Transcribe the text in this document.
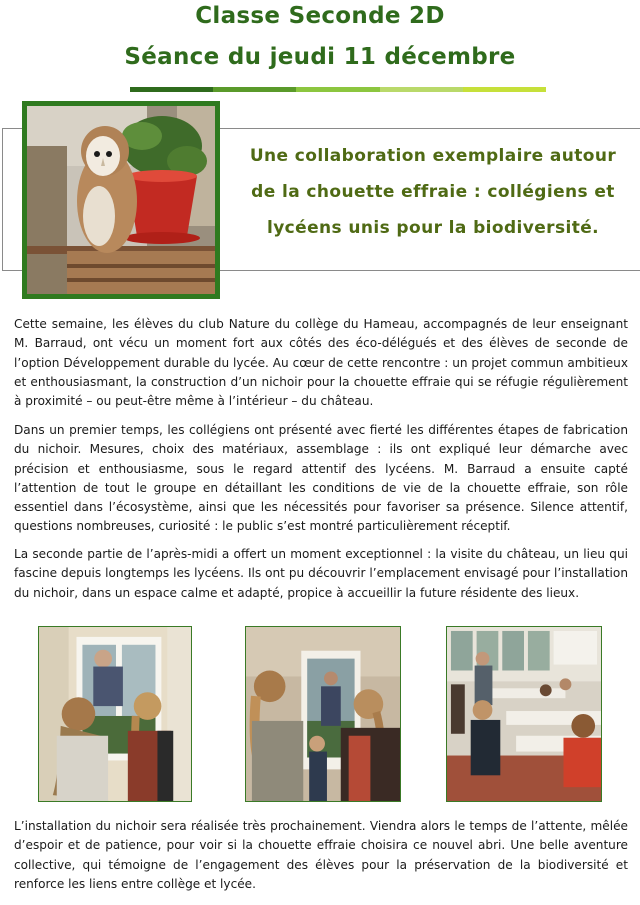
Classe Seconde 2D
Séance du jeudi 11 décembre
Une collaboration exemplaire autour de la chouette effraie : collégiens et lycéens unis pour la biodiversité.
Cette semaine, les élèves du club Nature du collège du Hameau, accompagnés de leur enseignant M. Barraud, ont vécu un moment fort aux côtés des éco-délégués et des élèves de seconde de l’option Développement durable du lycée. Au cœur de cette rencontre : un projet commun ambitieux et enthousiasmant, la construction d’un nichoir pour la chouette effraie qui se réfugie régulièrement à proximité – ou peut-être même à l’intérieur – du château.
Dans un premier temps, les collégiens ont présenté avec fierté les différentes étapes de fabrication du nichoir. Mesures, choix des matériaux, assemblage : ils ont expliqué leur démarche avec précision et enthousiasme, sous le regard attentif des lycéens. M. Barraud a ensuite capté l’attention de tout le groupe en détaillant les conditions de vie de la chouette effraie, son rôle essentiel dans l’écosystème, ainsi que les nécessités pour favoriser sa présence. Silence attentif, questions nombreuses, curiosité : le public s’est montré particulièrement réceptif.
La seconde partie de l’après-midi a offert un moment exceptionnel : la visite du château, un lieu qui fascine depuis longtemps les lycéens. Ils ont pu découvrir l’emplacement envisagé pour l’installation du nichoir, dans un espace calme et adapté, propice à accueillir la future résidente des lieux.
L’installation du nichoir sera réalisée très prochainement. Viendra alors le temps de l’attente, mêlée d’espoir et de patience, pour voir si la chouette effraie choisira ce nouvel abri. Une belle aventure collective, qui témoigne de l’engagement des élèves pour la préservation de la biodiversité et renforce les liens entre collège et lycée.
